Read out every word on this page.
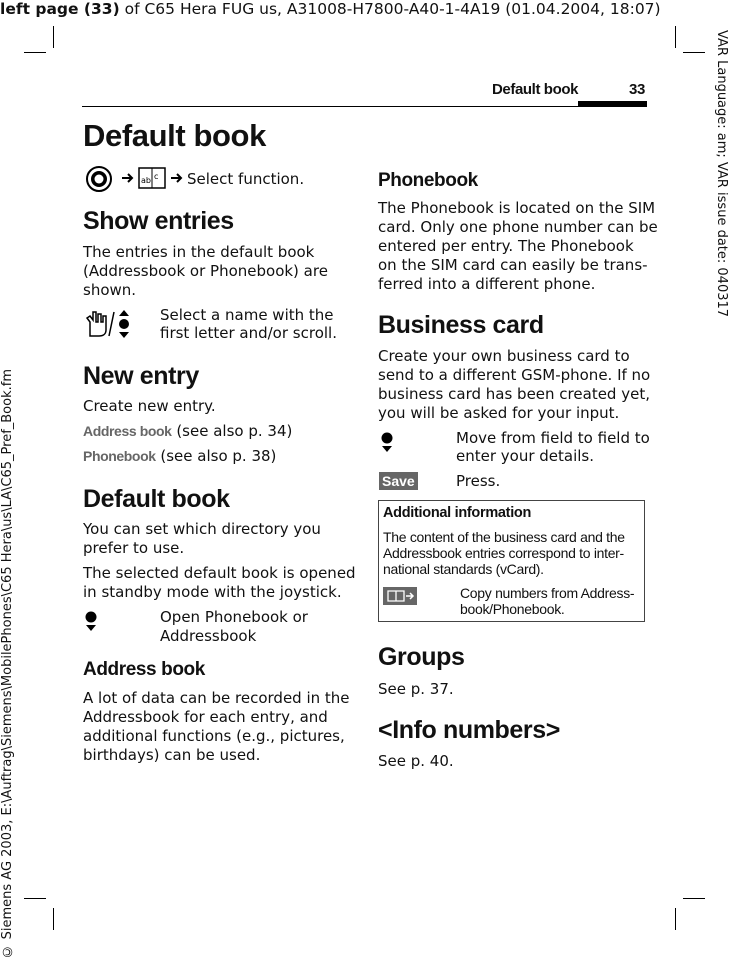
left page (33) of C65 Hera FUG us, A31008-H7800-A40-1-4A19 (01.04.2004, 18:07)
VAR Language: am; VAR issue date: 040317
© Siemens AG 2003, E:\Auftrag\Siemens\MobilePhones\C65 Hera\us\LA\C65_Pref_Book.fm
Default book	33
Default book
ab c Select function.
Show entries
The entries in the default book
(Addressbook or Phonebook) are
shown.
Select a name with the
first letter and/or scroll.
New entry
Create new entry.
Address book (see also p. 34)
Phonebook (see also p. 38)
Default book
You can set which directory you
prefer to use.
The selected default book is opened
in standby mode with the joystick.
Open Phonebook or
Addressbook
Address book
A lot of data can be recorded in the
Addressbook for each entry, and
additional functions (e.g., pictures,
birthdays) can be used.
Phonebook
The Phonebook is located on the SIM
card. Only one phone number can be
entered per entry. The Phonebook
on the SIM card can easily be trans-
ferred into a different phone.
Business card
Create your own business card to
send to a different GSM-phone. If no
business card has been created yet,
you will be asked for your input.
Move from field to field to
enter your details.
Save	Press.
Additional information
The content of the business card and the
Addressbook entries correspond to inter-
national standards (vCard).
Copy numbers from Address-
book/Phonebook.
Groups
See p. 37.
<Info numbers>
See p. 40.
